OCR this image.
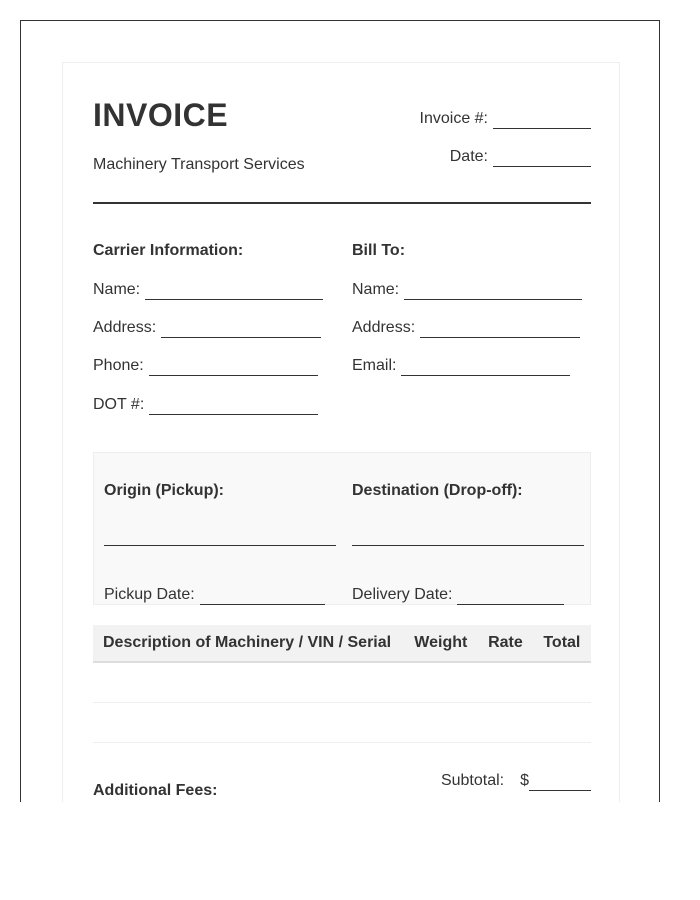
INVOICE
Machinery Transport Services
Invoice #:
Date:
Carrier Information:
Name:
Address:
Phone:
DOT #:
Bill To:
Name:
Address:
Email:
Origin (Pickup):
Pickup Date:
Destination (Drop-off):
Delivery Date:
Description of Machinery / VIN / Serial	Weight	Rate	Total

Additional Fees:
Subtotal: $
